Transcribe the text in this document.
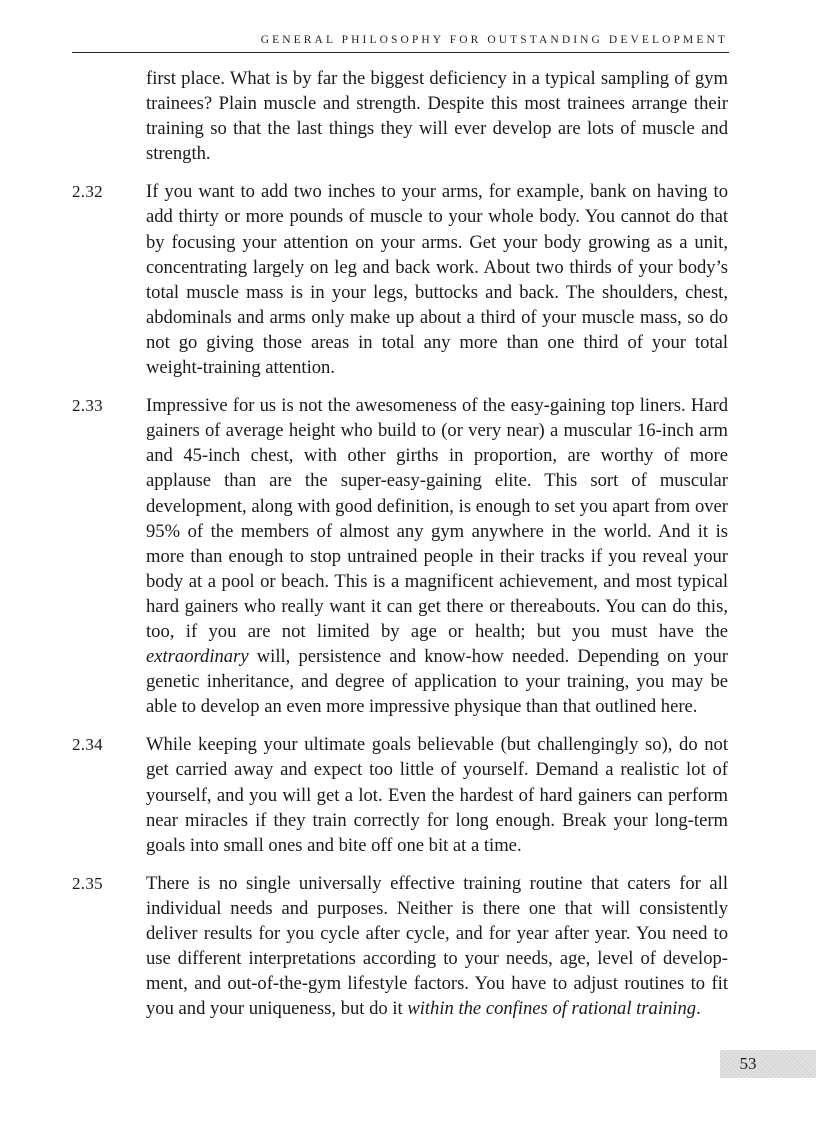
GENERAL PHILOSOPHY FOR OUTSTANDING DEVELOPMENT
first place. What is by far the biggest deficiency in a typical sampling of gym trainees? Plain muscle and strength. Despite this most trainees arrange their training so that the last things they will ever develop are lots of muscle and strength.
2.32 If you want to add two inches to your arms, for example, bank on having to add thirty or more pounds of muscle to your whole body. You cannot do that by focusing your attention on your arms. Get your body growing as a unit, concentrating largely on leg and back work. About two thirds of your body’s total muscle mass is in your legs, buttocks and back. The shoulders, chest, abdominals and arms only make up about a third of your muscle mass, so do not go giving those areas in total any more than one third of your total weight-training attention.
2.33 Impressive for us is not the awesomeness of the easy-gaining top liners. Hard gainers of average height who build to (or very near) a muscular 16-inch arm and 45-inch chest, with other girths in proportion, are worthy of more applause than are the super-easy-gaining elite. This sort of muscular development, along with good definition, is enough to set you apart from over 95% of the members of almost any gym anywhere in the world. And it is more than enough to stop untrained people in their tracks if you reveal your body at a pool or beach. This is a magnificent achievement, and most typical hard gainers who really want it can get there or thereabouts. You can do this, too, if you are not limited by age or health; but you must have the extraordinary will, persistence and know-how needed. Depending on your genetic inheritance, and degree of application to your training, you may be able to develop an even more impressive physique than that outlined here.
2.34 While keeping your ultimate goals believable (but challengingly so), do not get carried away and expect too little of yourself. Demand a realistic lot of yourself, and you will get a lot. Even the hardest of hard gainers can perform near miracles if they train correctly for long enough. Break your long-term goals into small ones and bite off one bit at a time.
2.35 There is no single universally effective training routine that caters for all individual needs and purposes. Neither is there one that will consistently deliver results for you cycle after cycle, and for year after year. You need to use different interpretations according to your needs, age, level of develop-ment, and out-of-the-gym lifestyle factors. You have to adjust routines to fit you and your uniqueness, but do it within the confines of rational training.
53
